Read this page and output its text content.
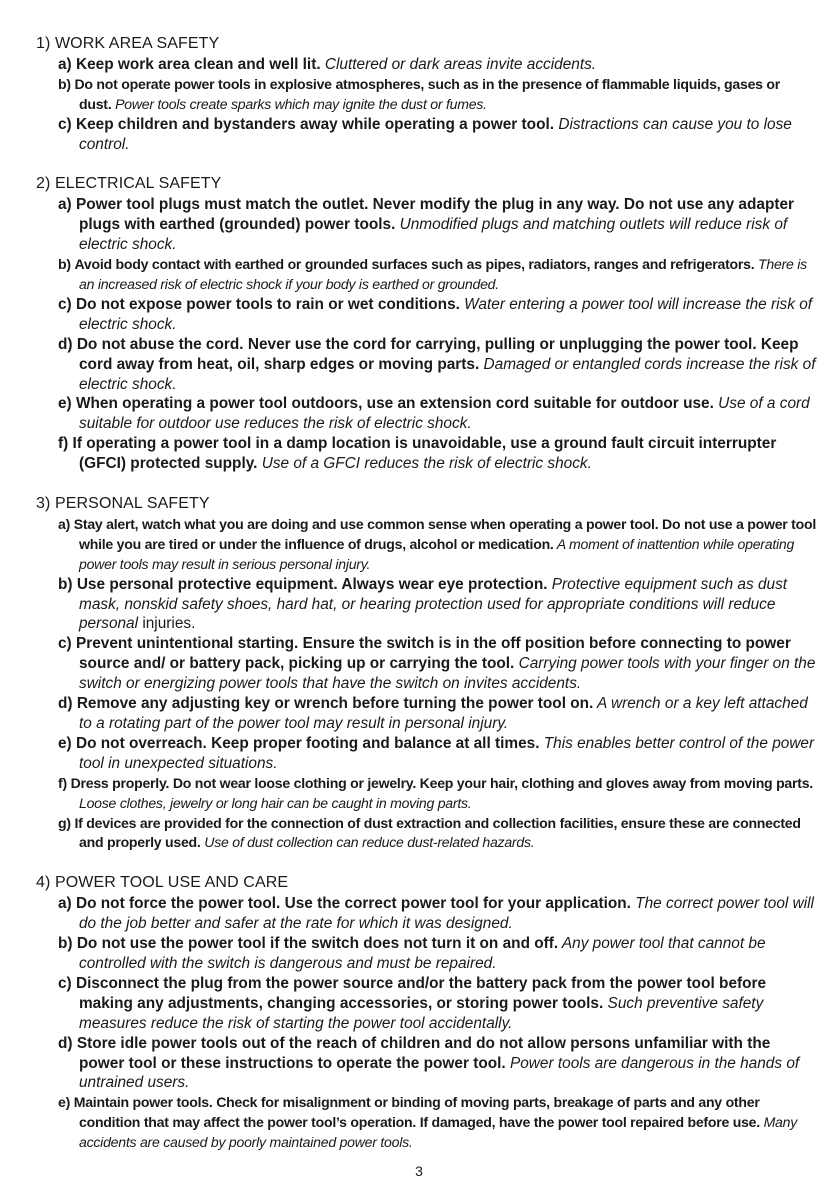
1) WORK AREA SAFETY
a) Keep work area clean and well lit. Cluttered or dark areas invite accidents.
b) Do not operate power tools in explosive atmospheres, such as in the presence of flammable liquids, gases or dust. Power tools create sparks which may ignite the dust or fumes.
c) Keep children and bystanders away while operating a power tool. Distractions can cause you to lose control.
2) ELECTRICAL SAFETY
a) Power tool plugs must match the outlet. Never modify the plug in any way. Do not use any adapter plugs with earthed (grounded) power tools. Unmodified plugs and matching outlets will reduce risk of electric shock.
b) Avoid body contact with earthed or grounded surfaces such as pipes, radiators, ranges and refrigerators. There is an increased risk of electric shock if your body is earthed or grounded.
c) Do not expose power tools to rain or wet conditions. Water entering a power tool will increase the risk of electric shock.
d) Do not abuse the cord. Never use the cord for carrying, pulling or unplugging the power tool. Keep cord away from heat, oil, sharp edges or moving parts. Damaged or entangled cords increase the risk of electric shock.
e) When operating a power tool outdoors, use an extension cord suitable for outdoor use. Use of a cord suitable for outdoor use reduces the risk of electric shock.
f) If operating a power tool in a damp location is unavoidable, use a ground fault circuit interrupter (GFCI) protected supply. Use of a GFCI reduces the risk of electric shock.
3) PERSONAL SAFETY
a) Stay alert, watch what you are doing and use common sense when operating a power tool. Do not use a power tool while you are tired or under the influence of drugs, alcohol or medication. A moment of inattention while operating power tools may result in serious personal injury.
b) Use personal protective equipment. Always wear eye protection. Protective equipment such as dust mask, nonskid safety shoes, hard hat, or hearing protection used for appropriate conditions will reduce personal injuries.
c) Prevent unintentional starting. Ensure the switch is in the off position before connecting to power source and/ or battery pack, picking up or carrying the tool. Carrying power tools with your finger on the switch or energizing power tools that have the switch on invites accidents.
d) Remove any adjusting key or wrench before turning the power tool on. A wrench or a key left attached to a rotating part of the power tool may result in personal injury.
e) Do not overreach. Keep proper footing and balance at all times. This enables better control of the power tool in unexpected situations.
f) Dress properly. Do not wear loose clothing or jewelry. Keep your hair, clothing and gloves away from moving parts. Loose clothes, jewelry or long hair can be caught in moving parts.
g) If devices are provided for the connection of dust extraction and collection facilities, ensure these are connected and properly used. Use of dust collection can reduce dust-related hazards.
4) POWER TOOL USE AND CARE
a) Do not force the power tool. Use the correct power tool for your application. The correct power tool will do the job better and safer at the rate for which it was designed.
b) Do not use the power tool if the switch does not turn it on and off. Any power tool that cannot be controlled with the switch is dangerous and must be repaired.
c) Disconnect the plug from the power source and/or the battery pack from the power tool before making any adjustments, changing accessories, or storing power tools. Such preventive safety measures reduce the risk of starting the power tool accidentally.
d) Store idle power tools out of the reach of children and do not allow persons unfamiliar with the power tool or these instructions to operate the power tool. Power tools are dangerous in the hands of untrained users.
e) Maintain power tools. Check for misalignment or binding of moving parts, breakage of parts and any other condition that may affect the power tool’s operation. If damaged, have the power tool repaired before use. Many accidents are caused by poorly maintained power tools.
3
